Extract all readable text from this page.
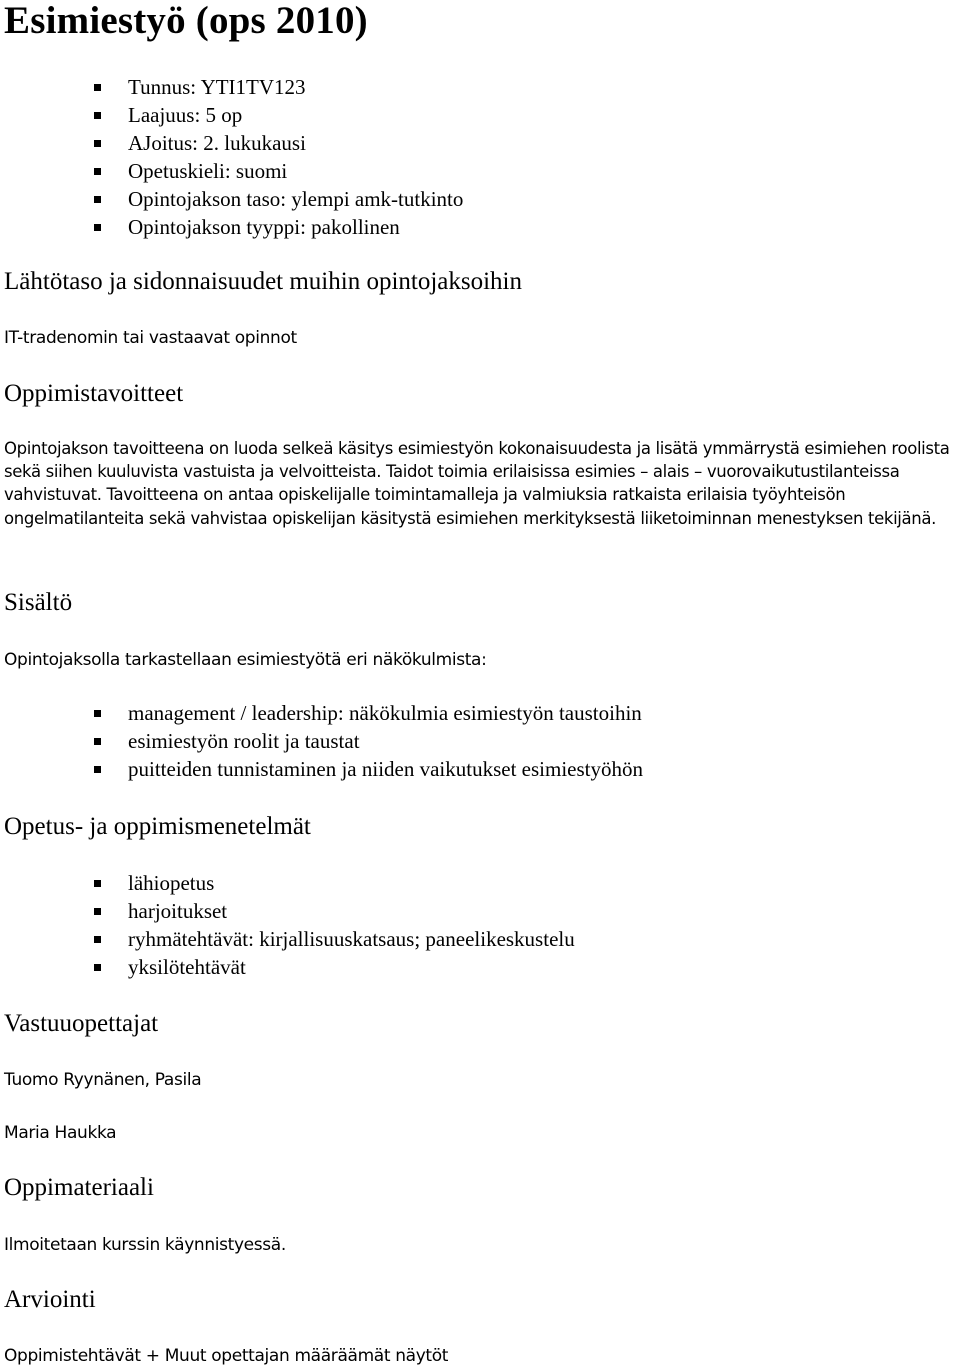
Esimiestyö (ops 2010)
Tunnus: YTI1TV123
Laajuus: 5 op
AJoitus: 2. lukukausi
Opetuskieli: suomi
Opintojakson taso: ylempi amk-tutkinto
Opintojakson tyyppi: pakollinen
Lähtötaso ja sidonnaisuudet muihin opintojaksoihin
IT-tradenomin tai vastaavat opinnot
Oppimistavoitteet
Opintojakson tavoitteena on luoda selkeä käsitys esimiestyön kokonaisuudesta ja lisätä ymmärrystä esimiehen roolista sekä siihen kuuluvista vastuista ja velvoitteista. Taidot toimia erilaisissa esimies – alais – vuorovaikutustilanteissa vahvistuvat. Tavoitteena on antaa opiskelijalle toimintamalleja ja valmiuksia ratkaista erilaisia työyhteisön ongelmatilanteita sekä vahvistaa opiskelijan käsitystä esimiehen merkityksestä liiketoiminnan menestyksen tekijänä.
Sisältö
Opintojaksolla tarkastellaan esimiestyötä eri näkökulmista:
management / leadership: näkökulmia esimiestyön taustoihin
esimiestyön roolit ja taustat
puitteiden tunnistaminen ja niiden vaikutukset esimiestyöhön
Opetus- ja oppimismenetelmät
lähiopetus
harjoitukset
ryhmätehtävät: kirjallisuuskatsaus; paneelikeskustelu
yksilötehtävät
Vastuuopettajat
Tuomo Ryynänen, Pasila
Maria Haukka
Oppimateriaali
Ilmoitetaan kurssin käynnistyessä.
Arviointi
Oppimistehtävät + Muut opettajan määräämät näytöt
